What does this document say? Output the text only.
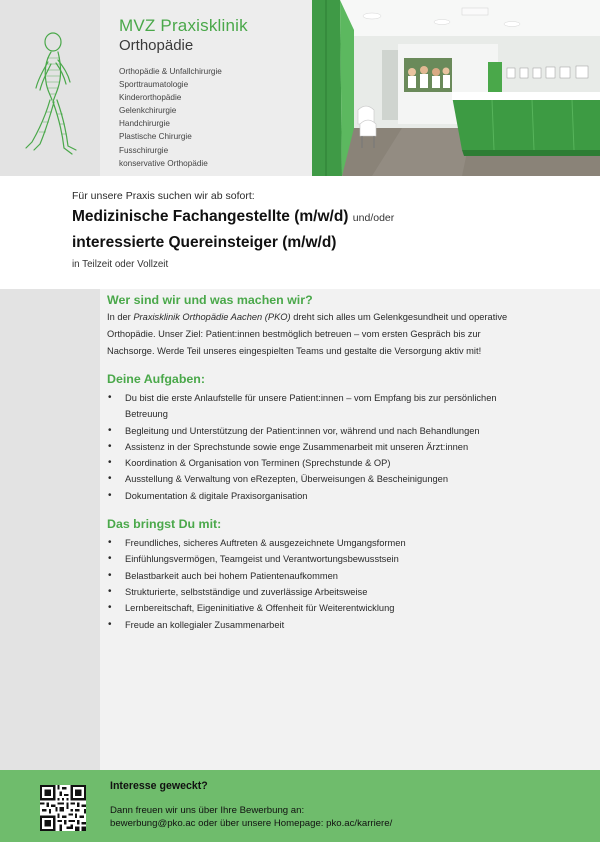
MVZ Praxisklinik
Orthopädie
Orthopädie & Unfallchirurgie
Sporttraumatologie
Kinderorthopädie
Gelenkchirurgie
Handchirurgie
Plastische Chirurgie
Fusschirurgie
konservative Orthopädie
Für unsere Praxis suchen wir ab sofort:
Medizinische Fachangestellte (m/w/d) und/oder
interessierte Quereinsteiger (m/w/d)
in Teilzeit oder Vollzeit
Wer sind wir und was machen wir?

In der Praxisklinik Orthopädie Aachen (PKO) dreht sich alles um Gelenkgesundheit und operative Orthopädie. Unser Ziel: Patient:innen bestmöglich betreuen – vom ersten Gespräch bis zur Nachsorge. Werde Teil unseres eingespielten Teams und gestalte die Versorgung aktiv mit!

Deine Aufgaben:
• Du bist die erste Anlaufstelle für unsere Patient:innen – vom Empfang bis zur persönlichen Betreuung
• Begleitung und Unterstützung der Patient:innen vor, während und nach Behandlungen
• Assistenz in der Sprechstunde sowie enge Zusammenarbeit mit unseren Ärzt:innen
• Koordination & Organisation von Terminen (Sprechstunde & OP)
• Ausstellung & Verwaltung von eRezepten, Überweisungen & Bescheinigungen
• Dokumentation & digitale Praxisorganisation
Das bringst Du mit:
• Freundliches, sicheres Auftreten & ausgezeichnete Umgangsformen
• Einfühlungsvermögen, Teamgeist und Verantwortungsbewusstsein
• Belastbarkeit auch bei hohem Patientenaufkommen
• Strukturierte, selbstständige und zuverlässige Arbeitsweise
• Lernbereitschaft, Eigeninitiative & Offenheit für Weiterentwicklung
• Freude an kollegialer Zusammenarbeit
Interesse geweckt?
Dann freuen wir uns über Ihre Bewerbung an:
bewerbung@pko.ac oder über unsere Homepage: pko.ac/karriere/
